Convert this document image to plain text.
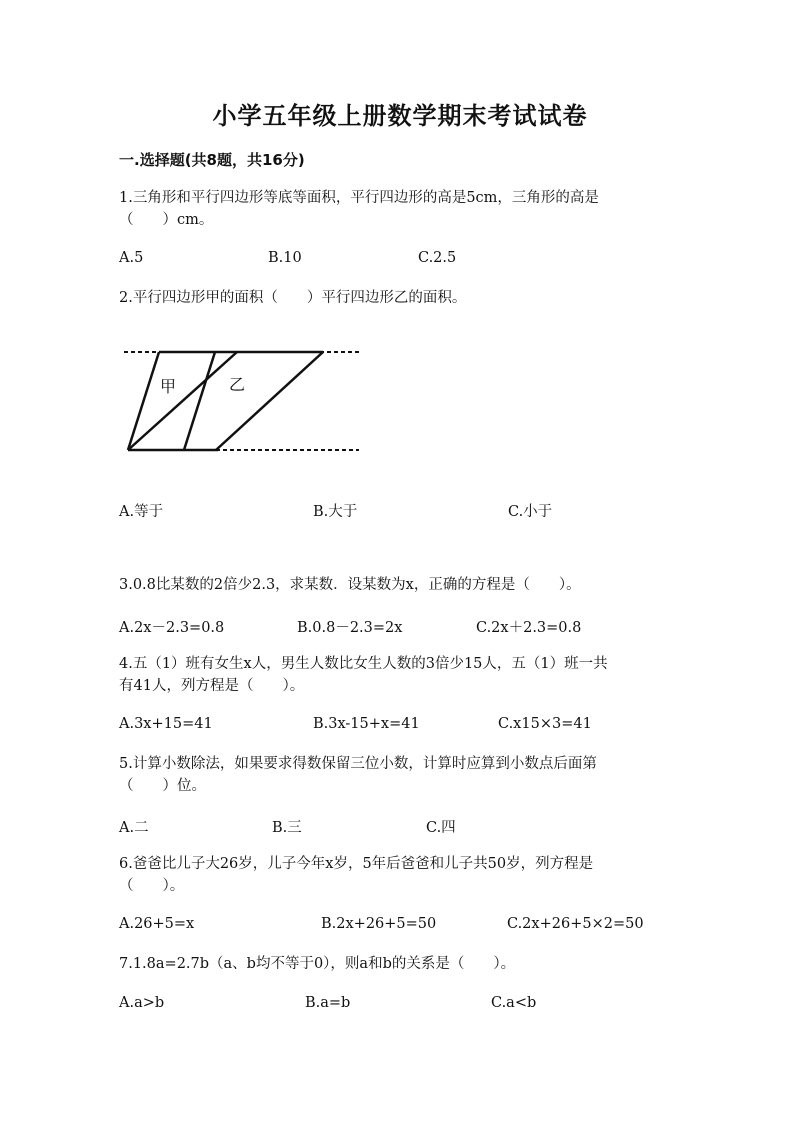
小学五年级上册数学期末考试试卷
一.选择题(共8题，共16分)
1.三角形和平行四边形等底等面积，平行四边形的高是5cm，三角形的高是
（　　）cm。
A.5	B.10	C.2.5
2.平行四边形甲的面积（　　）平行四边形乙的面积。
甲	乙
A.等于	B.大于	C.小于
3.0.8比某数的2倍少2.3，求某数．设某数为x，正确的方程是（　　）。
A.2x－2.3=0.8	B.0.8－2.3=2x	C.2x＋2.3=0.8
4.五（1）班有女生x人，男生人数比女生人数的3倍少15人，五（1）班一共
有41人，列方程是（　　）。
A.3x+15=41	B.3x-15+x=41	C.x15×3=41
5.计算小数除法，如果要求得数保留三位小数，计算时应算到小数点后面第
（　　）位。
A.二	B.三	C.四
6.爸爸比儿子大26岁，儿子今年x岁，5年后爸爸和儿子共50岁，列方程是
（　　）。
A.26+5=x	B.2x+26+5=50	C.2x+26+5×2=50
7.1.8a=2.7b（a、b均不等于0），则a和b的关系是（　　）。
A.a>b	B.a=b	C.a<b
